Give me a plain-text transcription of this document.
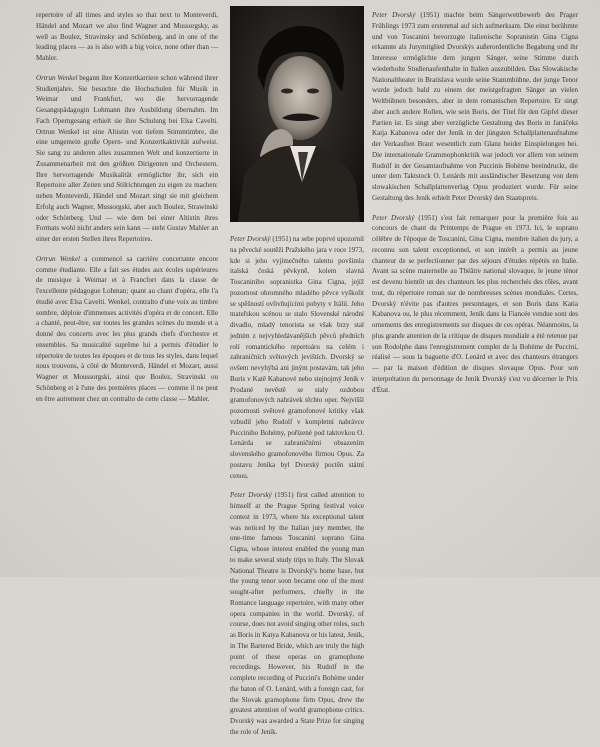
repertoire of all times and styles so that next to Monteverdi, Händel and Mozart we also find Wagner and Mussorgsky, as well as Boulez, Stravinsky and Schönberg, and in one of the leading places — as is also with a big voice, none other than — Mahler.

Ortrun Wenkel begann ihre Konzertkarriere schon während ihrer Studienjahre. Sie besuchte die Hochschulen für Musik in Weimar und Frankfurt, wo die hervorragende Gesangspädagogin Lohmann ihre Ausbildung übernahm. Im Fach Operngesang erhielt sie ihre Schulung bei Elsa Cavelti. Ortrun Wenkel ist eine Altistin von tiefem Stimmtimbre, die eine umgemein große Opern- und Konzertkaktivität aufweist. Sie sang zu anderen alles zusammen Welt und konzertierte in Zusammenarbeit mit den größten Dirigenten und Orchestern. Ihre hervorragende Musikalität ermöglichte ihr, sich ein Repertoire aller Zeiten und Stilrichtungen zu eigen zu machen: neben Monteverdi, Händel und Mozart singt sie mit gleichem Erfolg auch Wagner, Mussorgski, aber auch Boulez, Strawinski oder Schönberg. Und — wie dem bei einer Altistin ihres Formats wohl nicht anders sein kann — steht Gustav Mahler an einer der ersten Stellen ihres Repertoires.

Ortrun Wenkel a commencé sa carrière concertante encore comme étudiante. Elle a fait ses études aux écoles supérieures de musique à Weimar et à Francfort dans la classe de l'excellente pédagogue Lohman; quant au chant d'opéra, elle l'a étudié avec Elsa Cavelti. Wenkel, contralto d'une voix au timbre sombre, déploie d'immenses activités d'opéra et de concert. Elle a chanté, peut-être, sur toutes les grandes scènes du monde et a donné des concerts avec les plus grands chefs d'orchestre et ensembles. Sa musicalité suprême lui a permis d'étudier le répertoire de toutes les époques et de tous les styles, dans lequel nous trouvons, à côté de Monteverdi, Händel et Mozart, aussi Wagner et Moussorgski, ainsi que Boulez, Stravinski ou Schönberg et à l'une des premières places — comme il ne peut en être autrement chez un contralto de cette classe — Mahler.

Peter Dvorský (1951) na sebe poprvé upozornil na pěvecké soutěži Pražského jara v roce 1973, kde si jeho vyjímečného talentu povšimla italská česká pěvkyně, kolem slavná Toscaniniho sopranistka Gina Cigna, jejíž pozornost ohromného mladého pěvce vyškolit se spěšností ovlivňujícími pobyty v Itálii. Jeho mateřskou scénou se stalo Slovenské národní divadlo, mladý tenorista se však brzy stal jedním z nejvyhledávanějších pěvců předních rolí romantického repertoáru na celém i zahraničních světových jevištích. Dvorský se ovšem nevyhýbá ani jiným postavám, tak jeho Boris v Katě Kabanové nebo stejnojmý Jeník v Prodané nevěstě se staly ozdobou gramofonových nahrávek těchto oper. Nejvíšší pozornosti světové gramofonové kritiky však vzbudil jeho Rudolf v kompletní nahrávce Pucciniho Bohémy, pořízené pod taktovkou O. Lenárda se zahraničními obsazením slovenského gramofonového firmou Opus. Za postavu Jeníka byl Dvorský poctěn státní cenou.

Peter Dvorský (1951) first called attention to himself at the Prague Spring festival voice contest in 1973, where his exceptional talent was noticed by the Italian jury member, the one-time famous Toscanini soprano Gina Cigna, whose interest enabled the young man to make several study trips to Italy. The Slovak National Theatre is Dvorský's home base, but the young tenor soon became one of the most sought-after performers, chiefly in the Romance language repertoire, with many other opera companies in the world. Dvorský, of course, does not avoid singing other roles, such as Boris in Katya Kabanova or his latest, Jeník, in The Bartered Bride, which are truly the high point of these operas on gramophone recordings. However, his Rudolf in the complete recording of Puccini's Bohème under the baton of O. Lenárd, with a foreign cast, for the Slovak gramophone firm Opus, drew the greatest attention of world gramophone critics. Dvorský was awarded a State Prize for singing the role of Jeník.

Peter Dvorský (1951) machte beim Sängerwettbewerb des Prager Frühlings 1973 zum erstenmal auf sich aufmerksam. Die einst berühmte und von Toscanini bevorzugte italienische Sopranistin Gina Cigna erkannte als Jurymitglied Dvorskýs außerordentliche Begabung und ihr Interesse ermöglichte dem jungen Sänger, seine Stimme durch wiederholte Studienaufenthalte in Italien auszubilden. Das Slowakische Nationaltheater in Bratislava wurde seine Stammbühne, der junge Tenor wurde jedoch bald zu einem der meistgefragten Sänger an vielen Weltbühnen besonders, aber in dem romanischen Repertoire. Er singt aber auch andere Rollen, wie sein Boris, der Titel für den Gipfel dieser Partien ist. Es singt aber verzügliche Gestaltung des Boris in Janáčeks Katja Kabanova oder der Jeník in der jüngsten Schallplattenaufnahme der Verkauften Braut wesentlich zum Glanz beider Einspielungen bei. Die internationale Grammophonkritik war jedoch vor allem von seinem Rudolf in der Gesamtaufnahme von Puccinis Bohème beeindruckt, die unter dem Taktstock O. Lenárds mit ausländischer Besetzung von dem slowakischen Schallplattenverlag Opus produziert wurde. Für seine Gestaltung des Jeník erhielt Peter Dvorský den Staatspreis.

Peter Dvorský (1951) s'est fait remarquer pour la première fois au concours de chant du Printemps de Prague en 1973. Ici, le soprano célèbre de l'époque de Toscanini, Gina Cigna, membre italien du jury, a reconnu son talent exceptionnel, et son intérêt a permis au jeune chanteur de se perfectionner par des séjours d'études répétés en Italie. Avant sa scène maternelle au Théâtre national slovaque, le jeune ténor est devenu bientôt un des chanteurs les plus recherchés des rôles, avant tout, du répertoire roman sur de nombreuses scènes mondiales. Certes, Dvorský n'évite pas d'autres personnages, et son Boris dans Katia Kabanova ou, le plus récemment, Jeník dans la Fiancée vendue sont des ornements des enregistrements sur disques de ces opéras. Néanmoins, la plus grande attention de la critique de disques mondiale a été retenue par son Rodolphe dans l'enregistrement complet de la Bohème de Puccini, réalisé — sous la baguette d'O. Lenárd et avec des chanteurs étrangers — par la maison d'édition de disques slovaque Opus. Pour son interprétation du personnage de Jeník Dvorský s'est vu décerner le Prix d'État.
